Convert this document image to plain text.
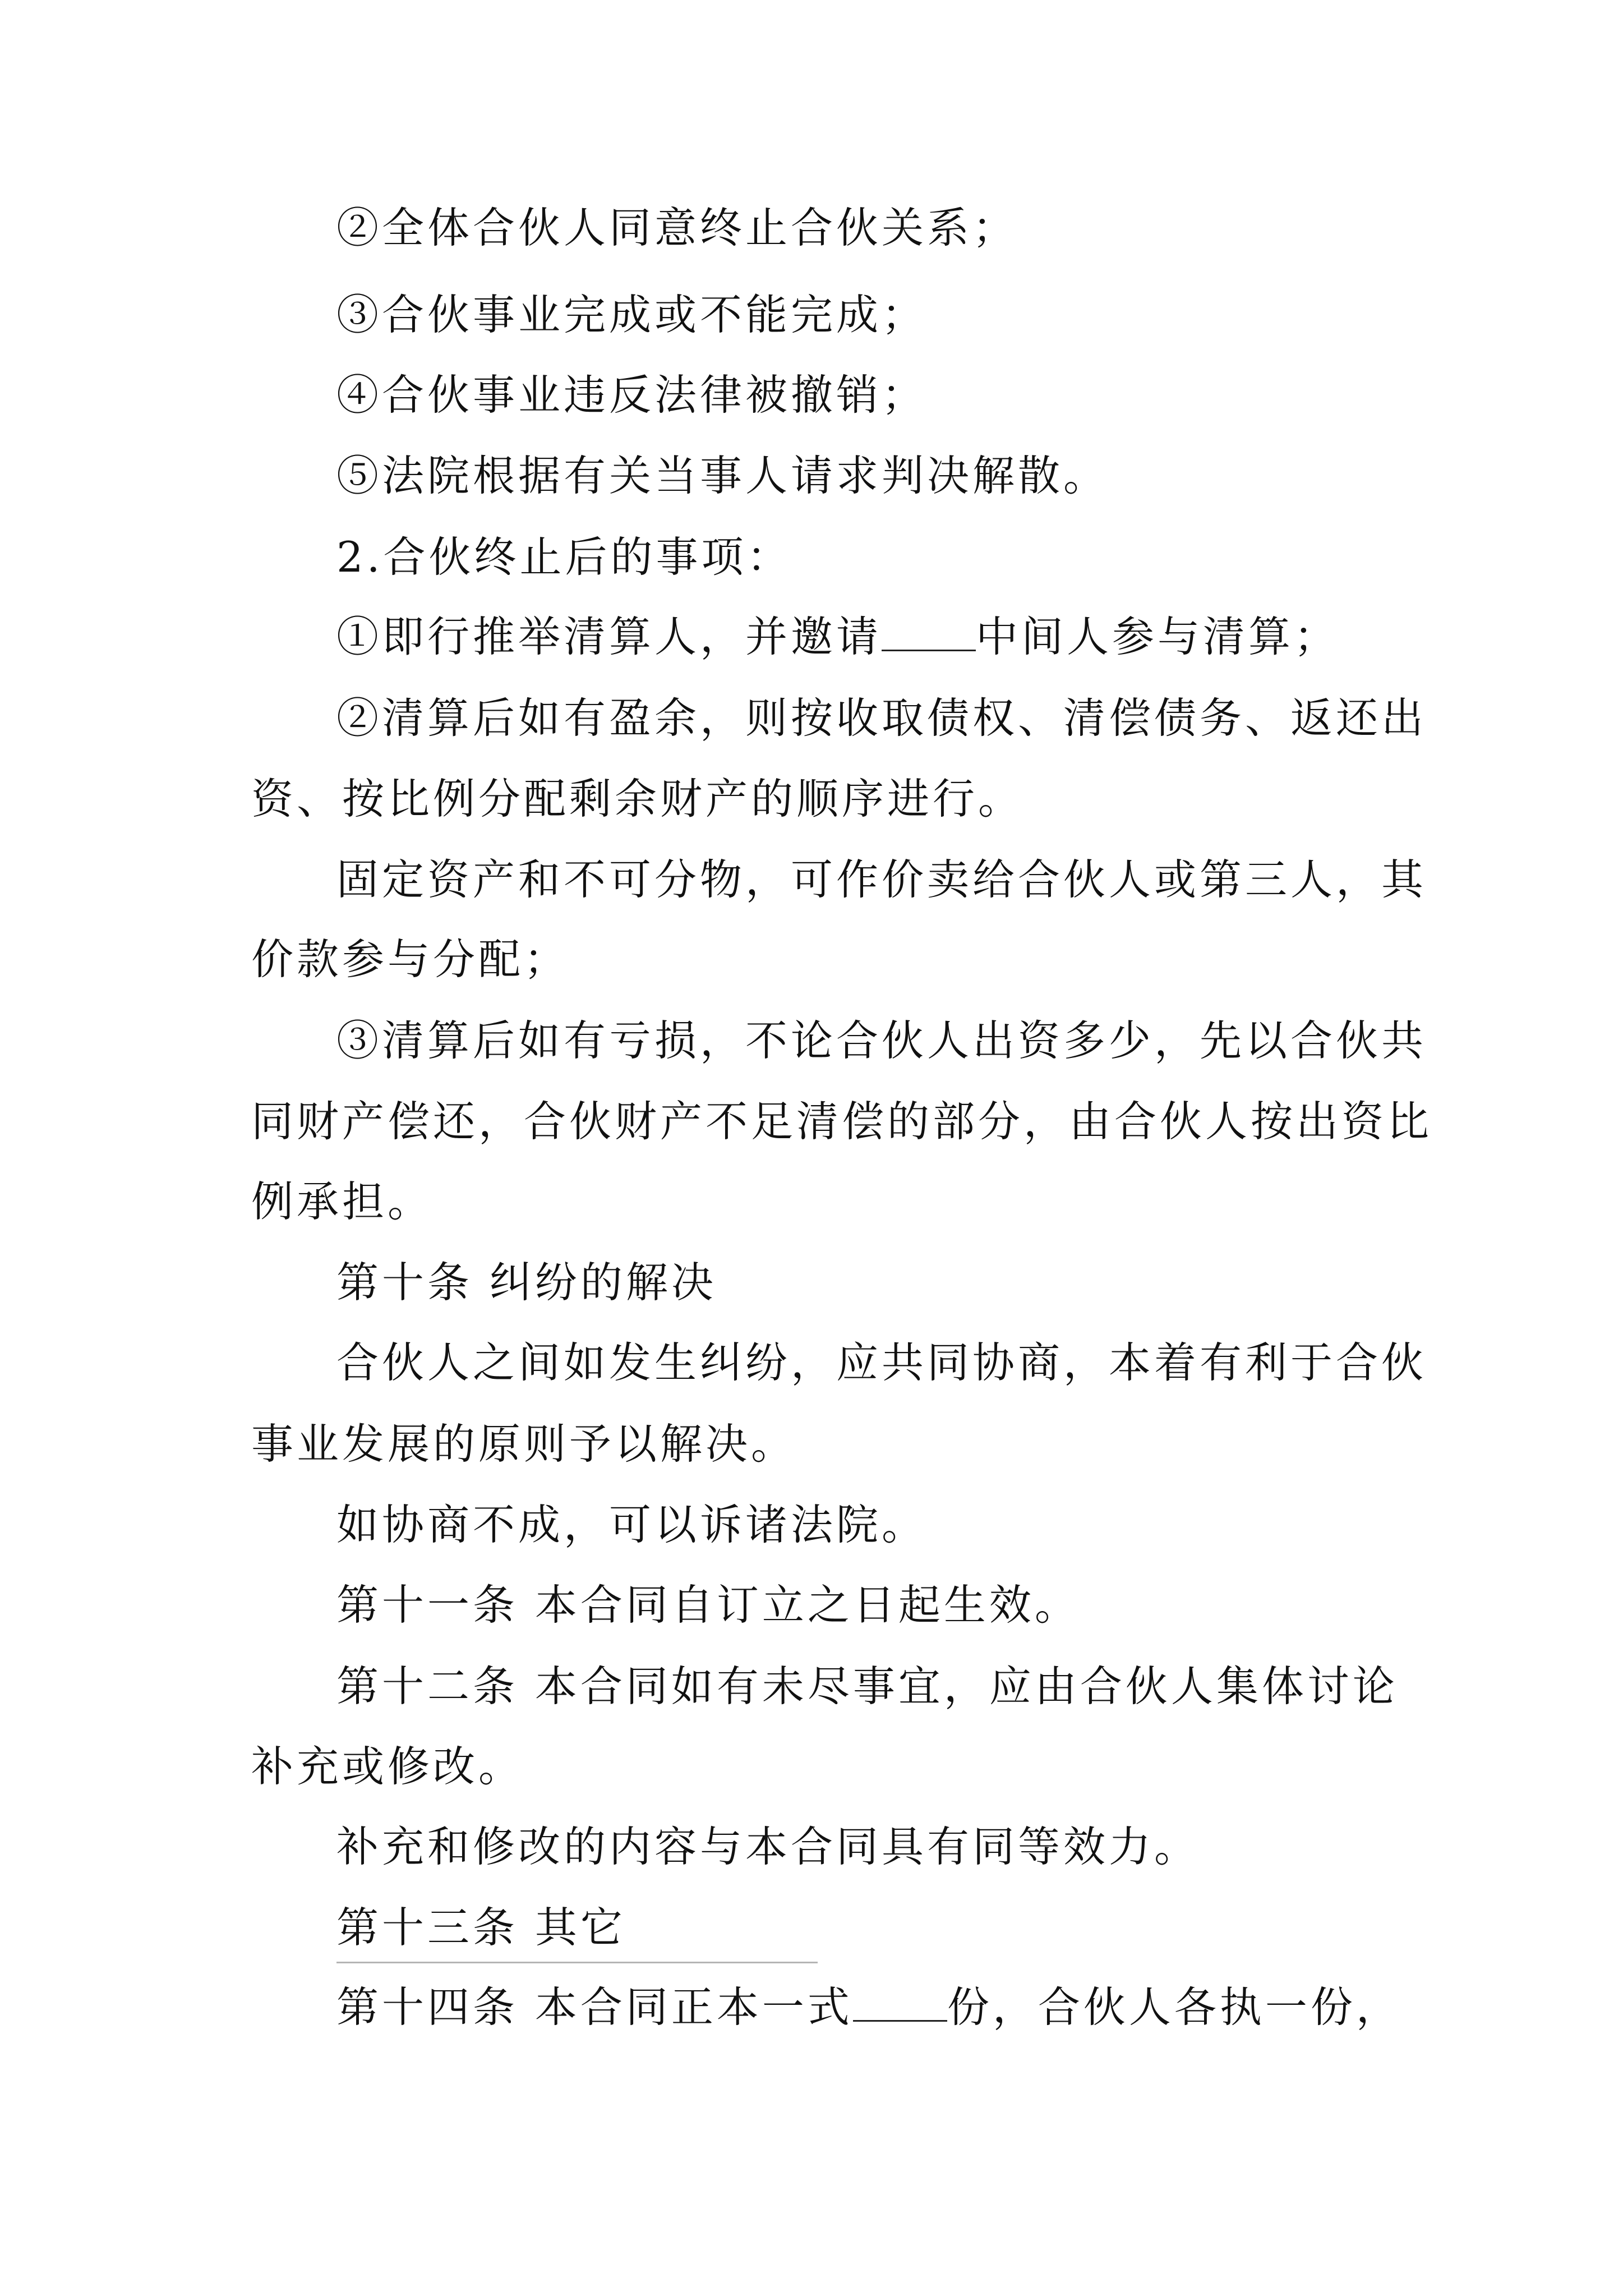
②全体合伙人同意终止合伙关系；
③合伙事业完成或不能完成；
④合伙事业违反法律被撤销；
⑤法院根据有关当事人请求判决解散。
2.合伙终止后的事项：
①即行推举清算人，并邀请 中间人参与清算；
②清算后如有盈余，则按收取债权、清偿债务、返还出
资、按比例分配剩余财产的顺序进行。
固定资产和不可分物，可作价卖给合伙人或第三人，其
价款参与分配；
③清算后如有亏损，不论合伙人出资多少，先以合伙共
同财产偿还，合伙财产不足清偿的部分，由合伙人按出资比
例承担。
第十条 纠纷的解决
合伙人之间如发生纠纷，应共同协商，本着有利于合伙
事业发展的原则予以解决。
如协商不成，可以诉诸法院。
第十一条 本合同自订立之日起生效。
第十二条 本合同如有未尽事宜，应由合伙人集体讨论
补充或修改。
补充和修改的内容与本合同具有同等效力。
第十三条 其它
第十四条 本合同正本一式 份，合伙人各执一份，
